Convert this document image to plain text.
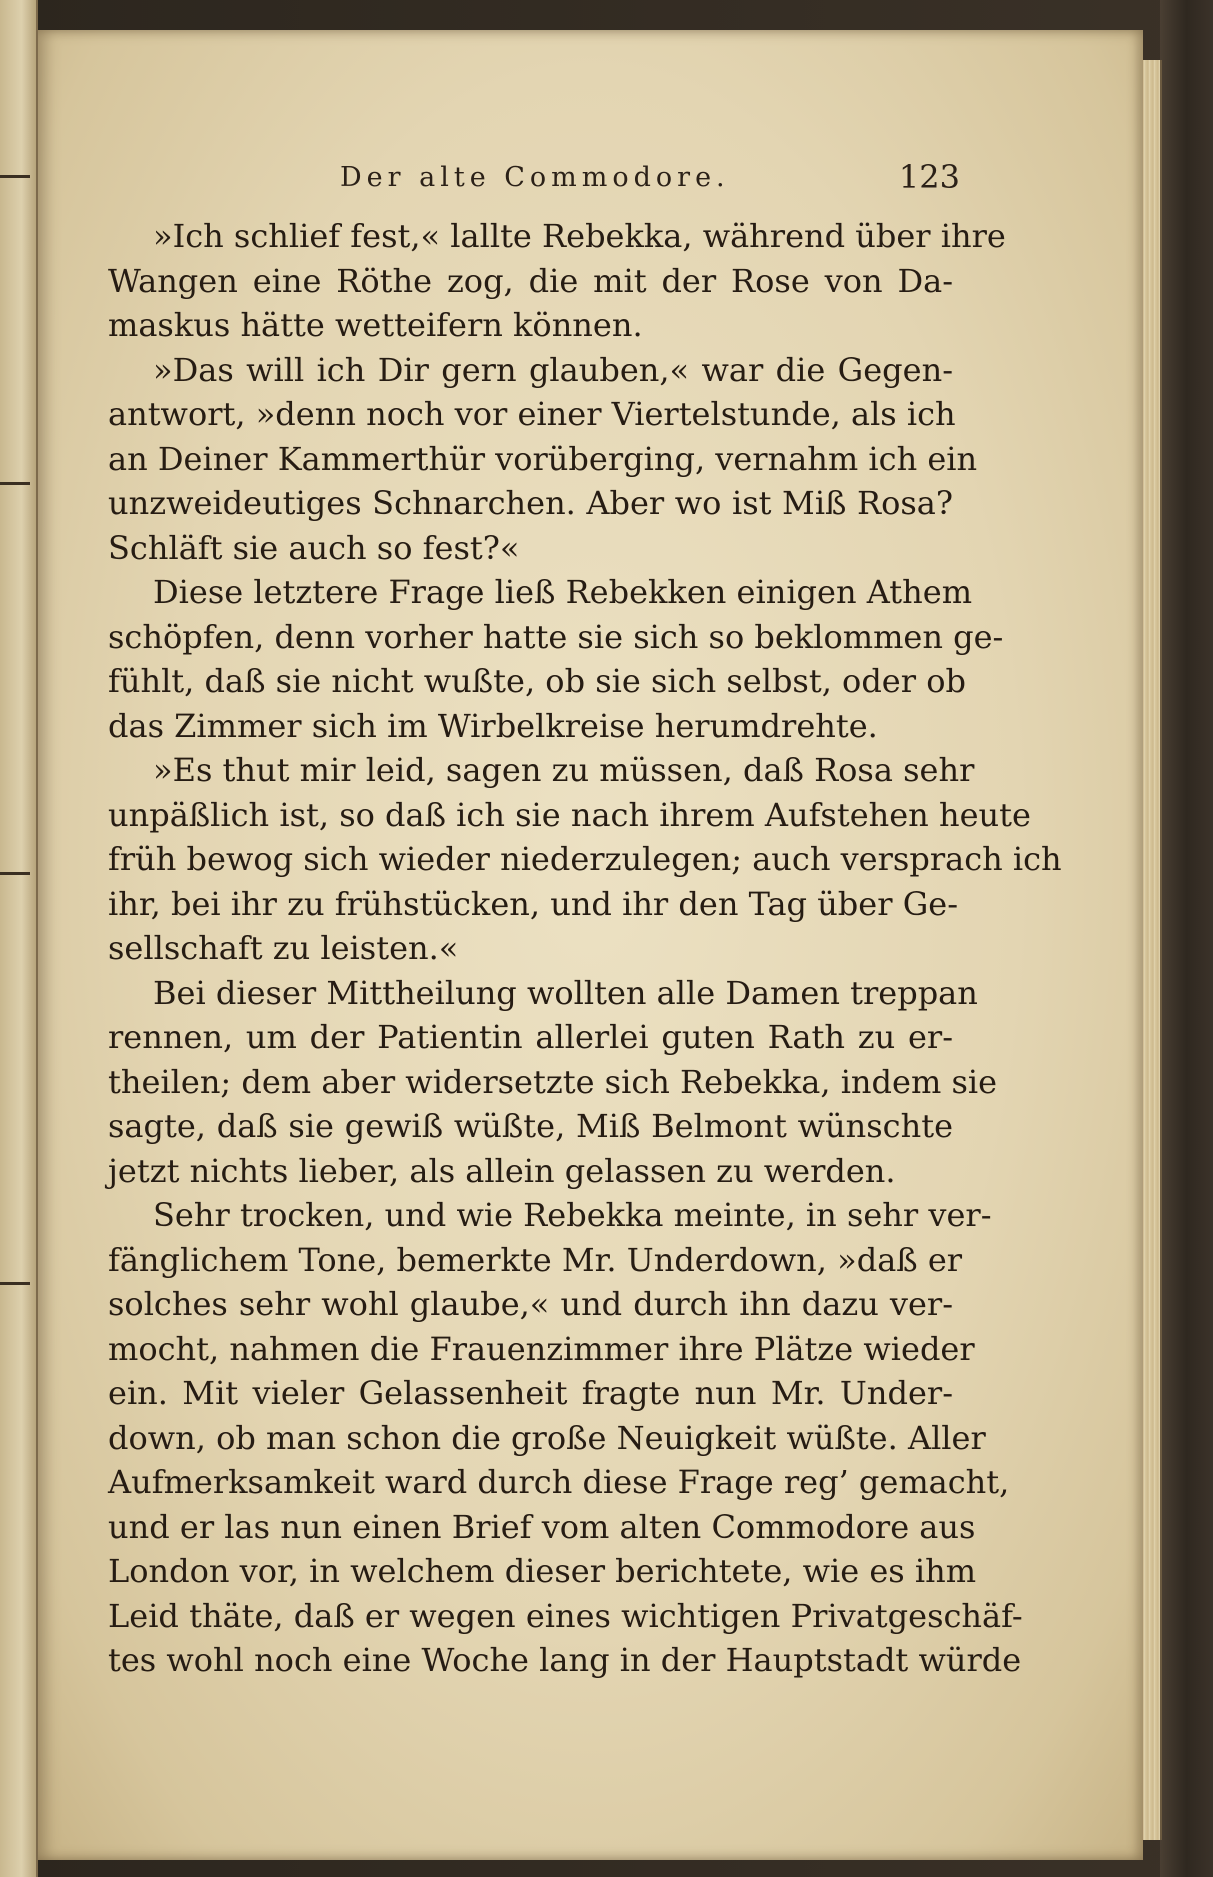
Der alte Commodore.	123
»Ich schlief fest,« lallte Rebekka, während über ihre
Wangen eine Röthe zog, die mit der Rose von Da-
maskus hätte wetteifern können.
»Das will ich Dir gern glauben,« war die Gegen-
antwort, »denn noch vor einer Viertelstunde, als ich
an Deiner Kammerthür vorüberging, vernahm ich ein
unzweideutiges Schnarchen. Aber wo ist Miß Rosa?
Schläft sie auch so fest?«
Diese letztere Frage ließ Rebekken einigen Athem
schöpfen, denn vorher hatte sie sich so beklommen ge-
fühlt, daß sie nicht wußte, ob sie sich selbst, oder ob
das Zimmer sich im Wirbelkreise herumdrehte.
»Es thut mir leid, sagen zu müssen, daß Rosa sehr
unpäßlich ist, so daß ich sie nach ihrem Aufstehen heute
früh bewog sich wieder niederzulegen; auch versprach ich
ihr, bei ihr zu frühstücken, und ihr den Tag über Ge-
sellschaft zu leisten.«
Bei dieser Mittheilung wollten alle Damen treppan
rennen, um der Patientin allerlei guten Rath zu er-
theilen; dem aber widersetzte sich Rebekka, indem sie
sagte, daß sie gewiß wüßte, Miß Belmont wünschte
jetzt nichts lieber, als allein gelassen zu werden.
Sehr trocken, und wie Rebekka meinte, in sehr ver-
fänglichem Tone, bemerkte Mr. Underdown, »daß er
solches sehr wohl glaube,« und durch ihn dazu ver-
mocht, nahmen die Frauenzimmer ihre Plätze wieder
ein. Mit vieler Gelassenheit fragte nun Mr. Under-
down, ob man schon die große Neuigkeit wüßte. Aller
Aufmerksamkeit ward durch diese Frage reg’ gemacht,
und er las nun einen Brief vom alten Commodore aus
London vor, in welchem dieser berichtete, wie es ihm
Leid thäte, daß er wegen eines wichtigen Privatgeschäf-
tes wohl noch eine Woche lang in der Hauptstadt würde
